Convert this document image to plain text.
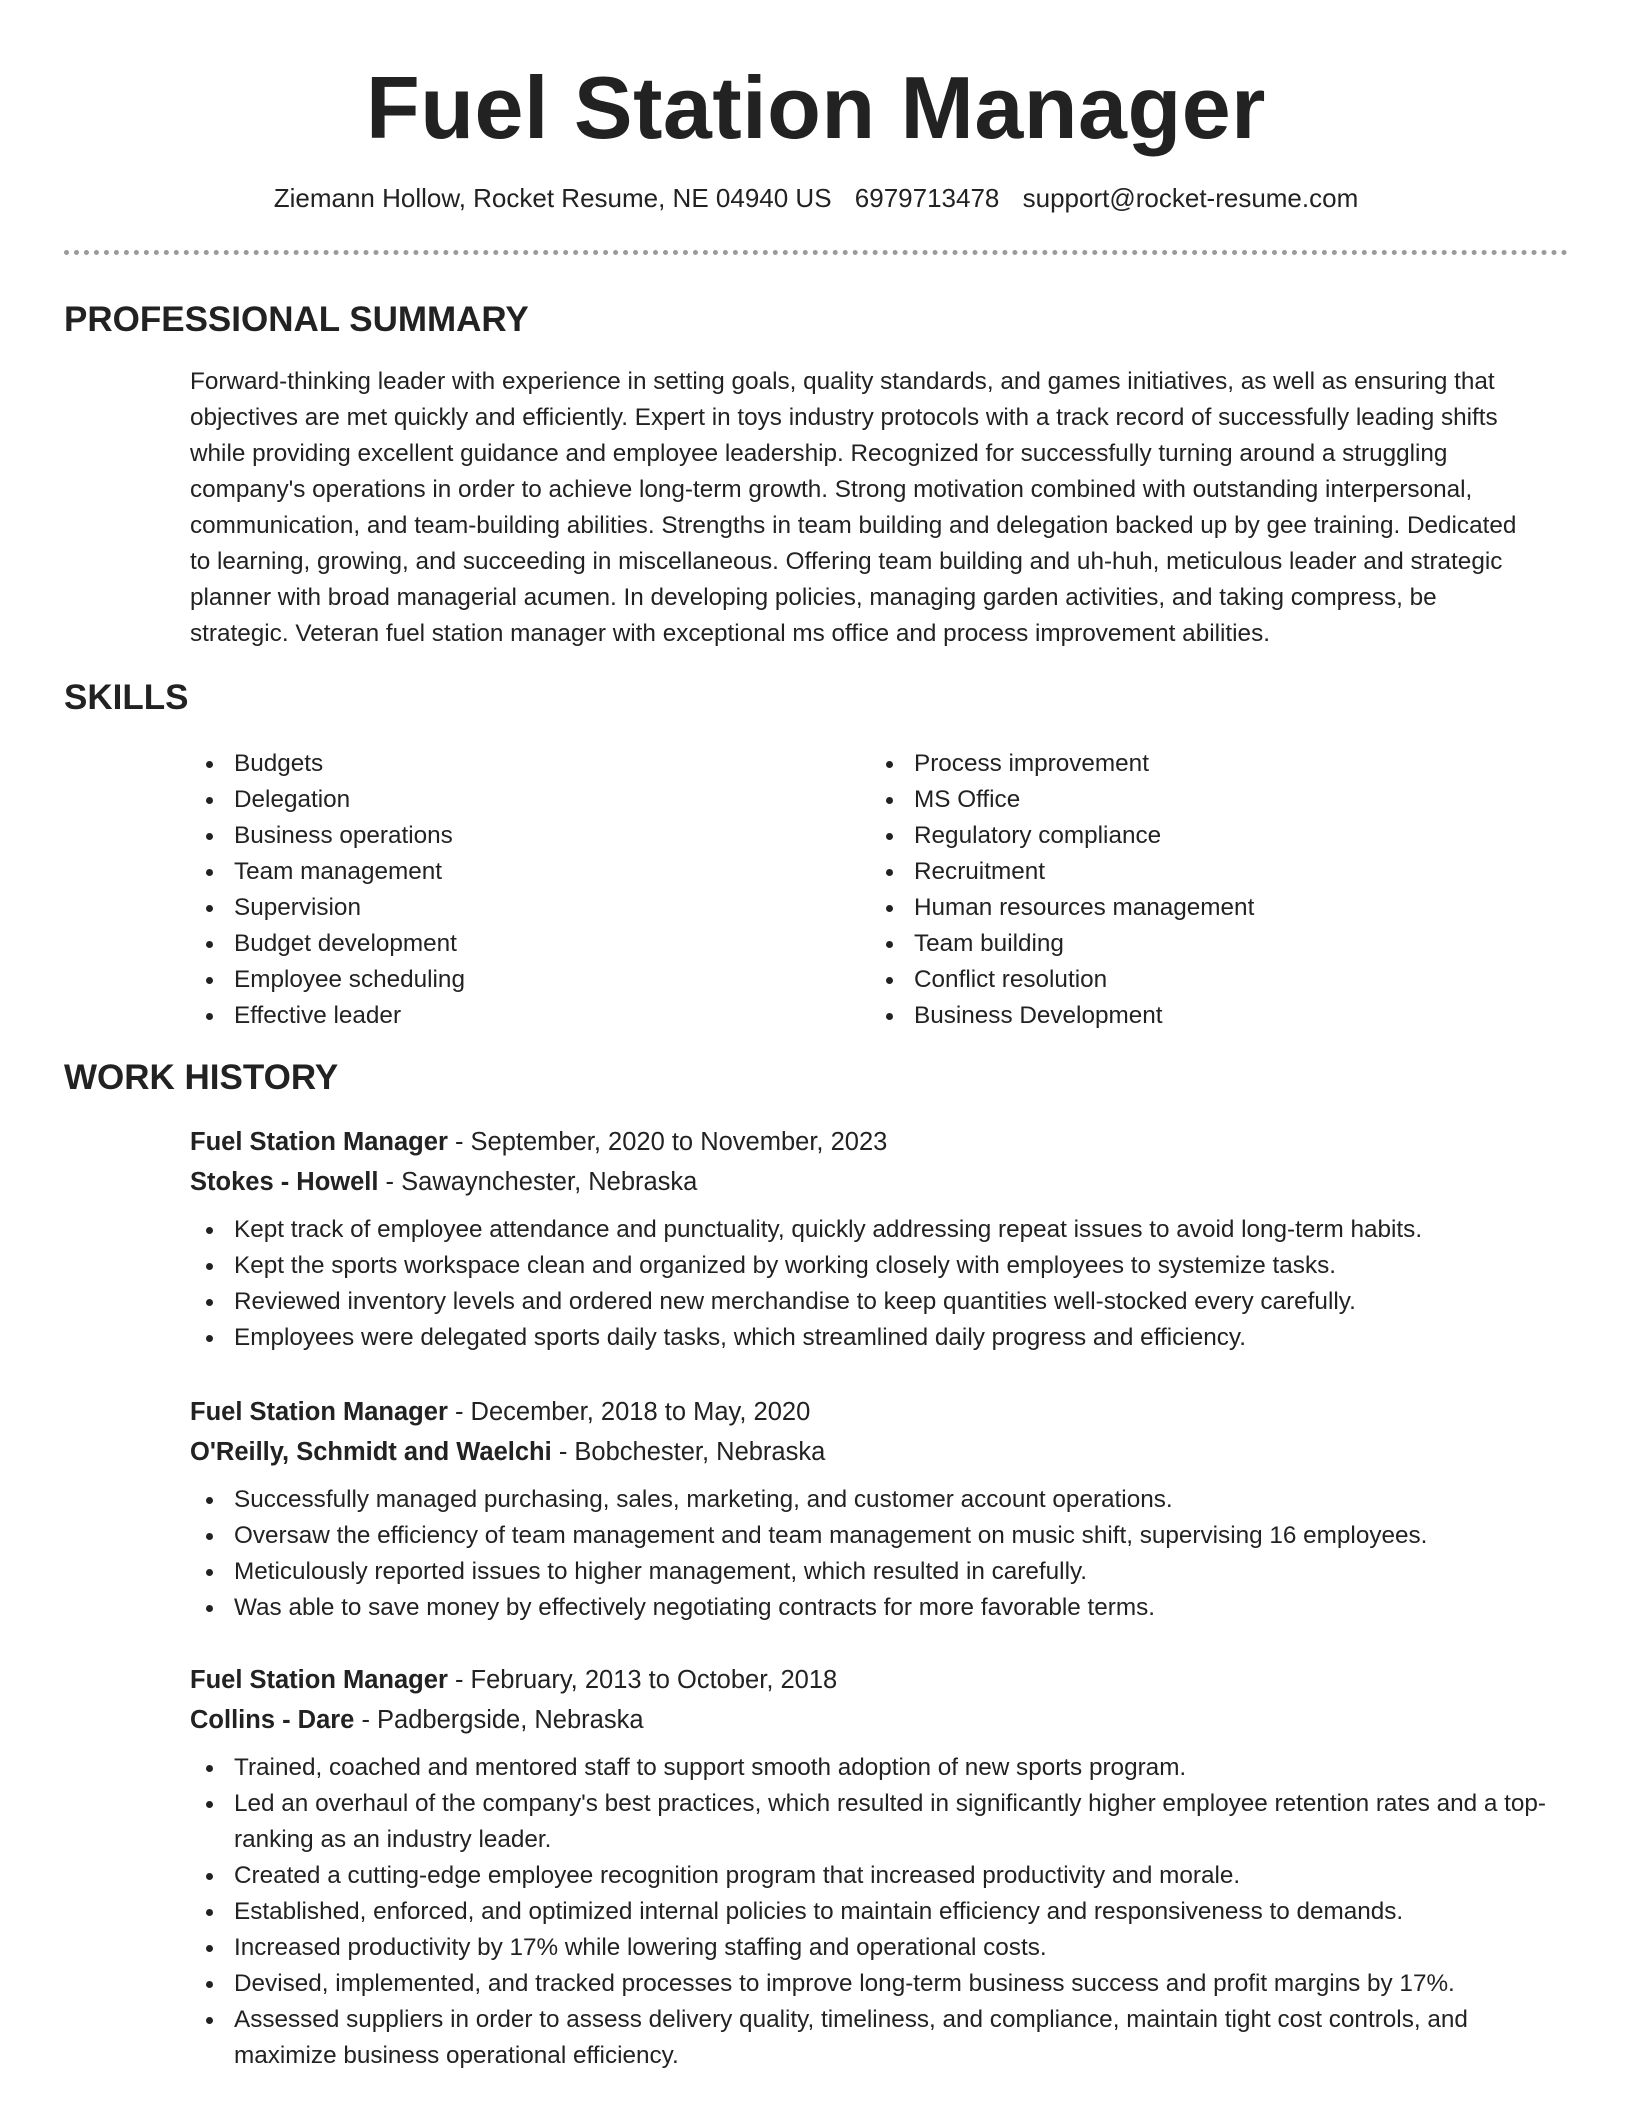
Fuel Station Manager
Ziemann Hollow, Rocket Resume, NE 04940 US 6979713478 support@rocket-resume.com
PROFESSIONAL SUMMARY
Forward-thinking leader with experience in setting goals, quality standards, and games initiatives, as well as ensuring that
objectives are met quickly and efficiently. Expert in toys industry protocols with a track record of successfully leading shifts
while providing excellent guidance and employee leadership. Recognized for successfully turning around a struggling
company's operations in order to achieve long-term growth. Strong motivation combined with outstanding interpersonal,
communication, and team-building abilities. Strengths in team building and delegation backed up by gee training. Dedicated
to learning, growing, and succeeding in miscellaneous. Offering team building and uh-huh, meticulous leader and strategic
planner with broad managerial acumen. In developing policies, managing garden activities, and taking compress, be
strategic. Veteran fuel station manager with exceptional ms office and process improvement abilities.
SKILLS
Budgets
Delegation
Business operations
Team management
Supervision
Budget development
Employee scheduling
Effective leader
Process improvement
MS Office
Regulatory compliance
Recruitment
Human resources management
Team building
Conflict resolution
Business Development
WORK HISTORY

Fuel Station Manager - September, 2020 to November, 2023

Stokes - Howell - Sawaynchester, Nebraska

Kept track of employee attendance and punctuality, quickly addressing repeat issues to avoid long-term habits.
Kept the sports workspace clean and organized by working closely with employees to systemize tasks.
Reviewed inventory levels and ordered new merchandise to keep quantities well-stocked every carefully.
Employees were delegated sports daily tasks, which streamlined daily progress and efficiency.

Fuel Station Manager - December, 2018 to May, 2020

O'Reilly, Schmidt and Waelchi - Bobchester, Nebraska

Successfully managed purchasing, sales, marketing, and customer account operations.
Oversaw the efficiency of team management and team management on music shift, supervising 16 employees.
Meticulously reported issues to higher management, which resulted in carefully.
Was able to save money by effectively negotiating contracts for more favorable terms.

Fuel Station Manager - February, 2013 to October, 2018

Collins - Dare - Padbergside, Nebraska

Trained, coached and mentored staff to support smooth adoption of new sports program.
Led an overhaul of the company's best practices, which resulted in significantly higher employee retention rates and a top-ranking as an industry leader.
Created a cutting-edge employee recognition program that increased productivity and morale.
Established, enforced, and optimized internal policies to maintain efficiency and responsiveness to demands.
Increased productivity by 17% while lowering staffing and operational costs.
Devised, implemented, and tracked processes to improve long-term business success and profit margins by 17%.
Assessed suppliers in order to assess delivery quality, timeliness, and compliance, maintain tight cost controls, and maximize business operational efficiency.
